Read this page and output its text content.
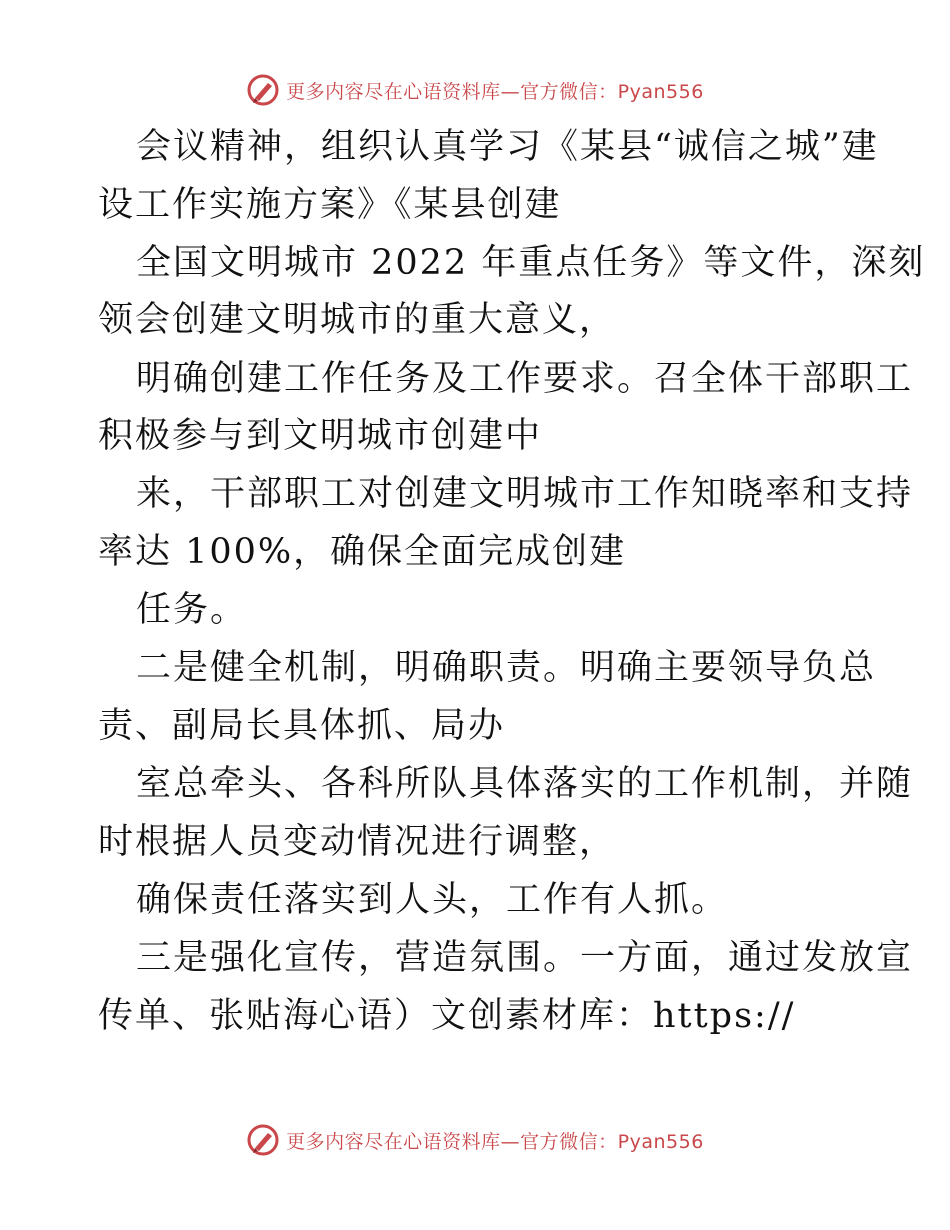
更多内容尽在心语资料库—官方微信：Pyan556
会议精神，组织认真学习《某县“诚信之城”建
设工作实施方案》《某县创建
全国文明城市 2022 年重点任务》等文件，深刻
领会创建文明城市的重大意义，
明确创建工作任务及工作要求。召全体干部职工
积极参与到文明城市创建中
来，干部职工对创建文明城市工作知晓率和支持
率达 100%，确保全面完成创建
任务。
二是健全机制，明确职责。明确主要领导负总
责、副局长具体抓、局办
室总牵头、各科所队具体落实的工作机制，并随
时根据人员变动情况进行调整，
确保责任落实到人头，工作有人抓。
三是强化宣传，营造氛围。一方面，通过发放宣
传单、张贴海心语）文创素材库：https://
更多内容尽在心语资料库—官方微信：Pyan556
